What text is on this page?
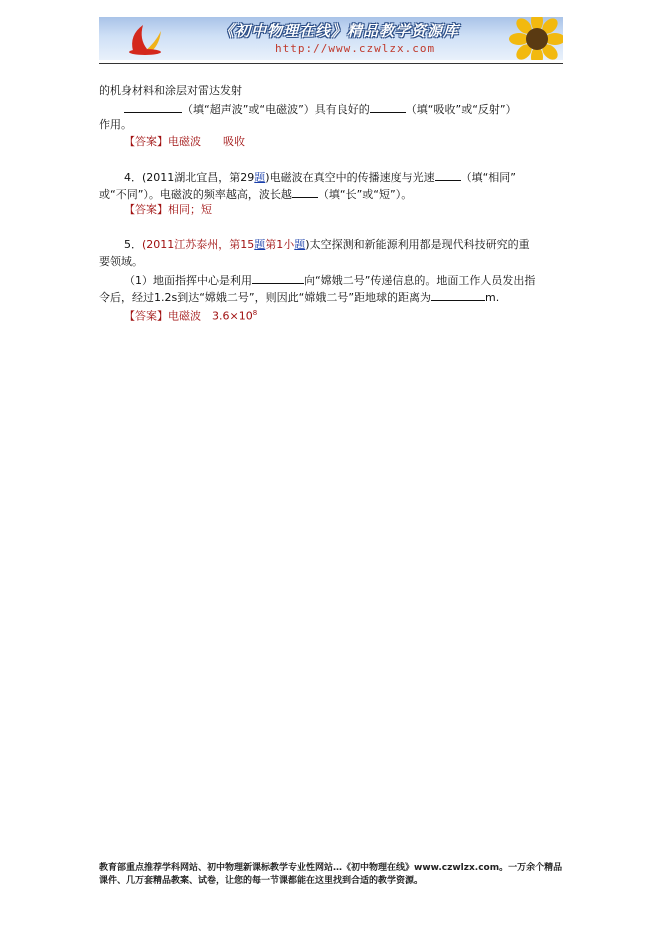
《初中物理在线》精品教学资源库
http://www.czwlzx.com
的机身材料和涂层对雷达发射
（填“超声波”或“电磁波”）具有良好的	（填“吸收”或“反射”）
作用。
【答案】电磁波　　吸收
4．(2011湖北宜昌，第29题)电磁波在真空中的传播速度与光速 （填“相同”
或“不同”）。电磁波的频率越高，波长越 （填“长”或“短”）。
【答案】相同；短
5．(2011江苏泰州，第15题第1小题)太空探测和新能源利用都是现代科技研究的重
要领域。
（1）地面指挥中心是利用	向“嫦娥二号”传递信息的。地面工作人员发出指
令后，经过1.2s到达“嫦娥二号”，则因此“嫦娥二号”距地球的距离为	m.
【答案】电磁波　$3.6\times 10^8$
教育部重点推荐学科网站、初中物理新课标教学专业性网站…《初中物理在线》www.czwlzx.com。一万余个精品课件、几万套精品教案、试卷，让您的每一节课都能在这里找到合适的教学资源。
